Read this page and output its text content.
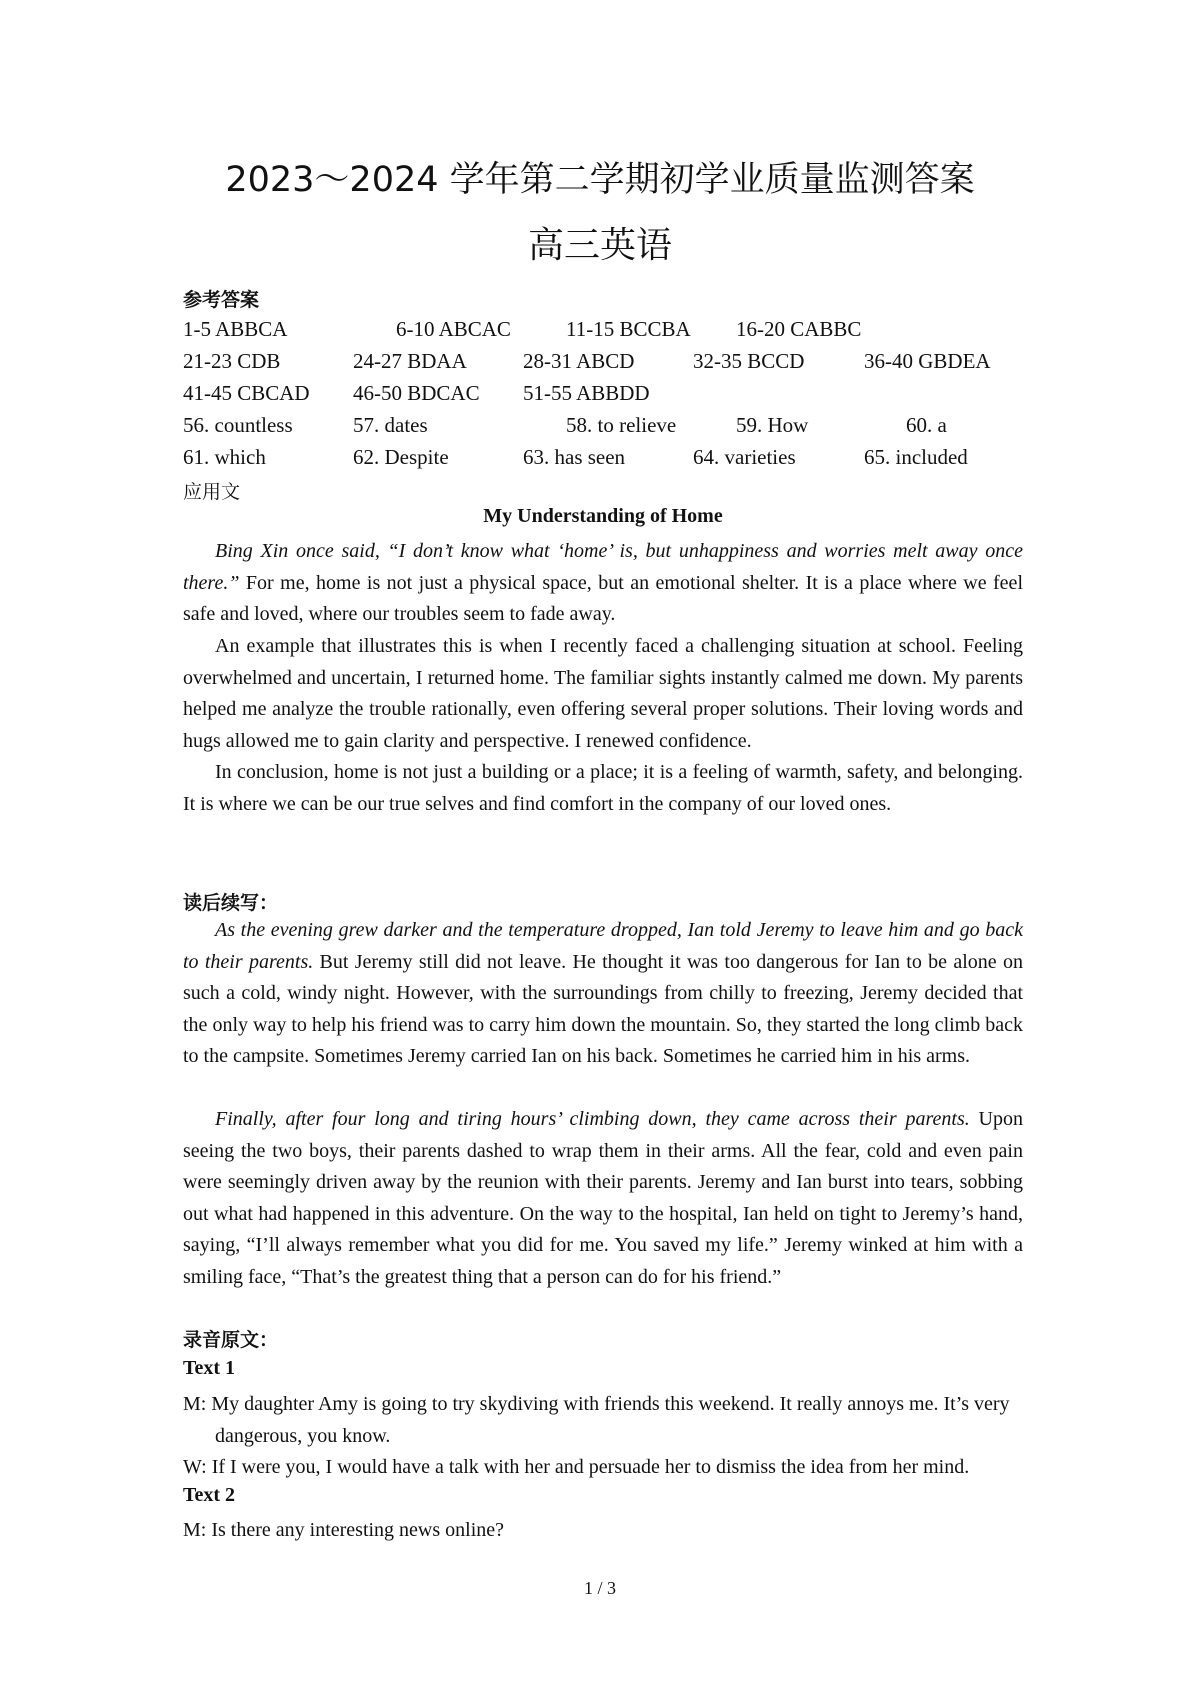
2023～2024 学年第二学期初学业质量监测答案
高三英语

参考答案

1-5 ABBCA	6-10 ABCAC	11-15 BCCBA 16-20 CABBC
21-23 CDB	24-27 BDAA	28-31 ABCD	32-35 BCCD	36-40 GBDEA
41-45 CBCAD 46-50 BDCAC 51-55 ABBDD
56. countless	57. dates	58. to relieve	59. How	60. a
61. which	62. Despite	63. has seen	64. varieties	65. included

应用文

My Understanding of Home

Bing Xin once said, “I don’t know what ‘home’ is, but unhappiness and worries melt away once there.” For me, home is not just a physical space, but an emotional shelter. It is a place where we feel safe and loved, where our troubles seem to fade away.

An example that illustrates this is when I recently faced a challenging situation at school. Feeling overwhelmed and uncertain, I returned home. The familiar sights instantly calmed me down. My parents helped me analyze the trouble rationally, even offering several proper solutions. Their loving words and hugs allowed me to gain clarity and perspective. I renewed confidence.

In conclusion, home is not just a building or a place; it is a feeling of warmth, safety, and belonging. It is where we can be our true selves and find comfort in the company of our loved ones.

读后续写：

As the evening grew darker and the temperature dropped, Ian told Jeremy to leave him and go back to their parents. But Jeremy still did not leave. He thought it was too dangerous for Ian to be alone on such a cold, windy night. However, with the surroundings from chilly to freezing, Jeremy decided that the only way to help his friend was to carry him down the mountain. So, they started the long climb back to the campsite. Sometimes Jeremy carried Ian on his back. Sometimes he carried him in his arms.

Finally, after four long and tiring hours’ climbing down, they came across their parents. Upon seeing the two boys, their parents dashed to wrap them in their arms. All the fear, cold and even pain were seemingly driven away by the reunion with their parents. Jeremy and Ian burst into tears, sobbing out what had happened in this adventure. On the way to the hospital, Ian held on tight to Jeremy’s hand, saying, “I’ll always remember what you did for me. You saved my life.” Jeremy winked at him with a smiling face, “That’s the greatest thing that a person can do for his friend.”

录音原文：

Text 1

M: My daughter Amy is going to try skydiving with friends this weekend. It really annoys me. It’s very dangerous, you know.

W: If I were you, I would have a talk with her and persuade her to dismiss the idea from her mind.

Text 2

M: Is there any interesting news online?

1 / 3
